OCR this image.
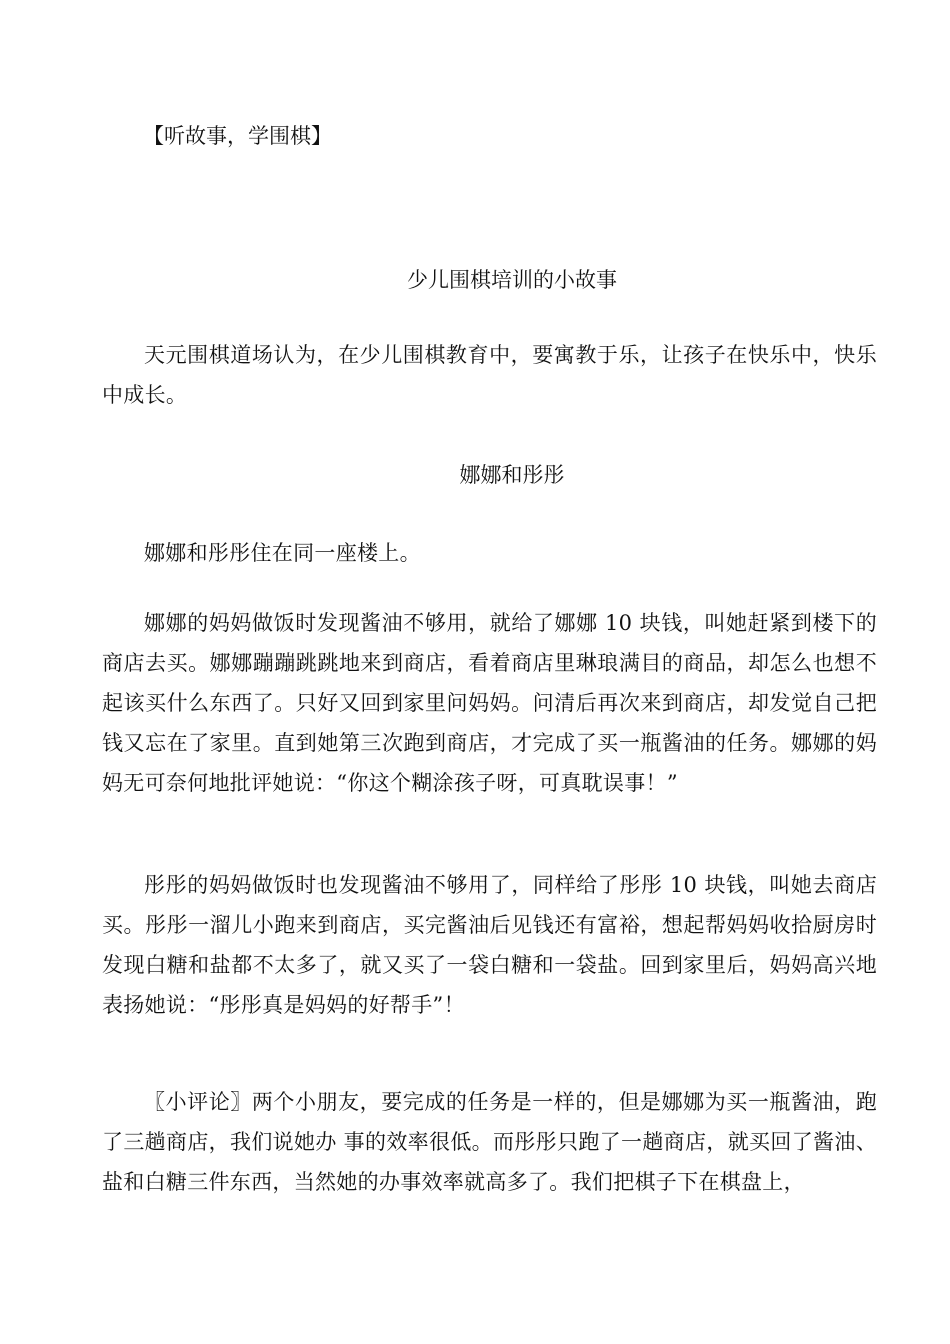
【听故事，学围棋】

少儿围棋培训的小故事

天元围棋道场认为，在少儿围棋教育中，要寓教于乐，让孩子在快乐中，快乐中成长。

娜娜和彤彤

娜娜和彤彤住在同一座楼上。

娜娜的妈妈做饭时发现酱油不够用，就给了娜娜 10 块钱，叫她赶紧到楼下的商店去买。娜娜蹦蹦跳跳地来到商店，看着商店里琳琅满目的商品，却怎么也想不 起该买什么东西了。只好又回到家里问妈妈。问清后再次来到商店，却发觉自己把钱又忘在了家里。直到她第三次跑到商店，才完成了买一瓶酱油的任务。娜娜的妈 妈无可奈何地批评她说：“你这个糊涂孩子呀，可真耽误事！”

彤彤的妈妈做饭时也发现酱油不够用了，同样给了彤彤 10 块钱，叫她去商店买。彤彤一溜儿小跑来到商店，买完酱油后见钱还有富裕，想起帮妈妈收拾厨房时发现白糖和盐都不太多了，就又买了一袋白糖和一袋盐。回到家里后，妈妈高兴地表扬她说：“彤彤真是妈妈的好帮手”！

〖小评论〗两个小朋友，要完成的任务是一样的，但是娜娜为买一瓶酱油，跑了三趟商店，我们说她办 事的效率很低。而彤彤只跑了一趟商店，就买回了酱油、盐和白糖三件东西，当然她的办事效率就高多了。我们把棋子下在棋盘上，
